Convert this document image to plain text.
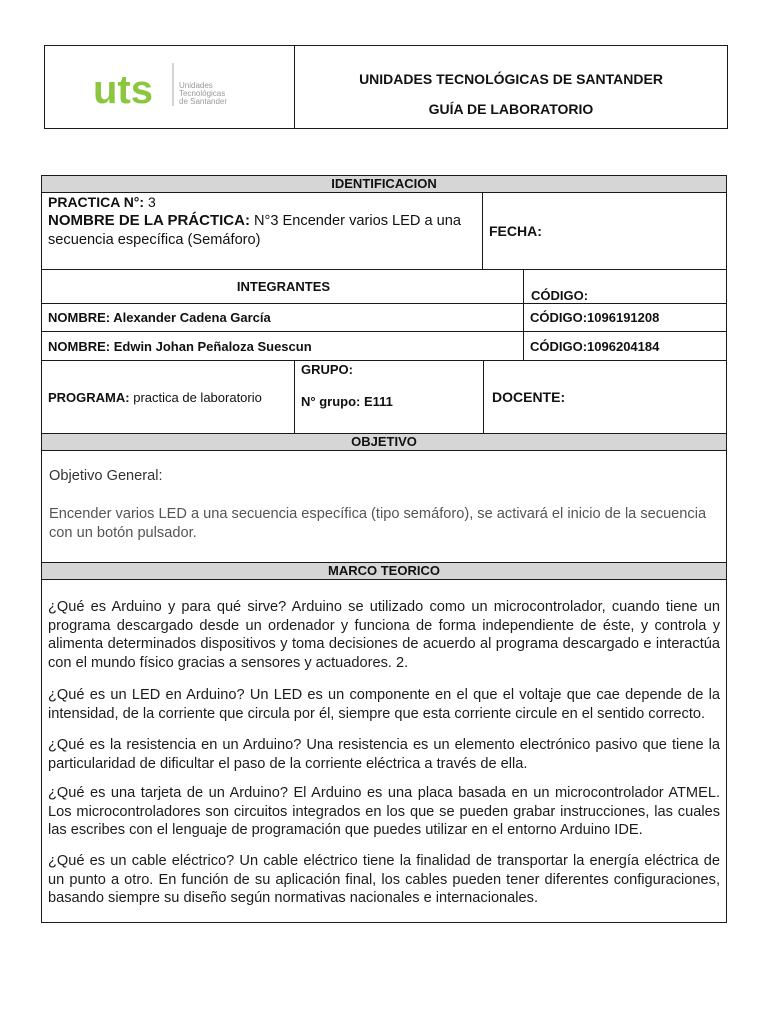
uts	Unidades
Tecnológicas
de Santander
UNIDADES TECNOLÓGICAS DE SANTANDER
GUÍA DE LABORATORIO
IDENTIFICACION
PRACTICA N°: 3
NOMBRE DE LA PRÁCTICA: N°3 Encender varios LED a una secuencia específica (Semáforo)
FECHA:
INTEGRANTES
CÓDIGO:
NOMBRE: Alexander Cadena García	CÓDIGO:1096191208
NOMBRE: Edwin Johan Peñaloza Suescun	CÓDIGO:1096204184
PROGRAMA: practica de laboratorio
GRUPO:
N° grupo: E111	DOCENTE:
OBJETIVO
Objetivo General:
Encender varios LED a una secuencia específica (tipo semáforo), se activará el inicio de la secuencia con un botón pulsador.
MARCO TEORICO
¿Qué es Arduino y para qué sirve? Arduino se utilizado como un microcontrolador, cuando tiene un programa descargado desde un ordenador y funciona de forma independiente de éste, y controla y alimenta determinados dispositivos y toma decisiones de acuerdo al programa descargado e interactúa con el mundo físico gracias a sensores y actuadores. 2.
¿Qué es un LED en Arduino? Un LED es un componente en el que el voltaje que cae depende de la intensidad, de la corriente que circula por él, siempre que esta corriente circule en el sentido correcto.
¿Qué es la resistencia en un Arduino? Una resistencia es un elemento electrónico pasivo que tiene la particularidad de dificultar el paso de la corriente eléctrica a través de ella.
¿Qué es una tarjeta de un Arduino? El Arduino es una placa basada en un microcontrolador ATMEL. Los microcontroladores son circuitos integrados en los que se pueden grabar instrucciones, las cuales las escribes con el lenguaje de programación que puedes utilizar en el entorno Arduino IDE.
¿Qué es un cable eléctrico? Un cable eléctrico tiene la finalidad de transportar la energía eléctrica de un punto a otro. En función de su aplicación final, los cables pueden tener diferentes configuraciones, basando siempre su diseño según normativas nacionales e internacionales.
